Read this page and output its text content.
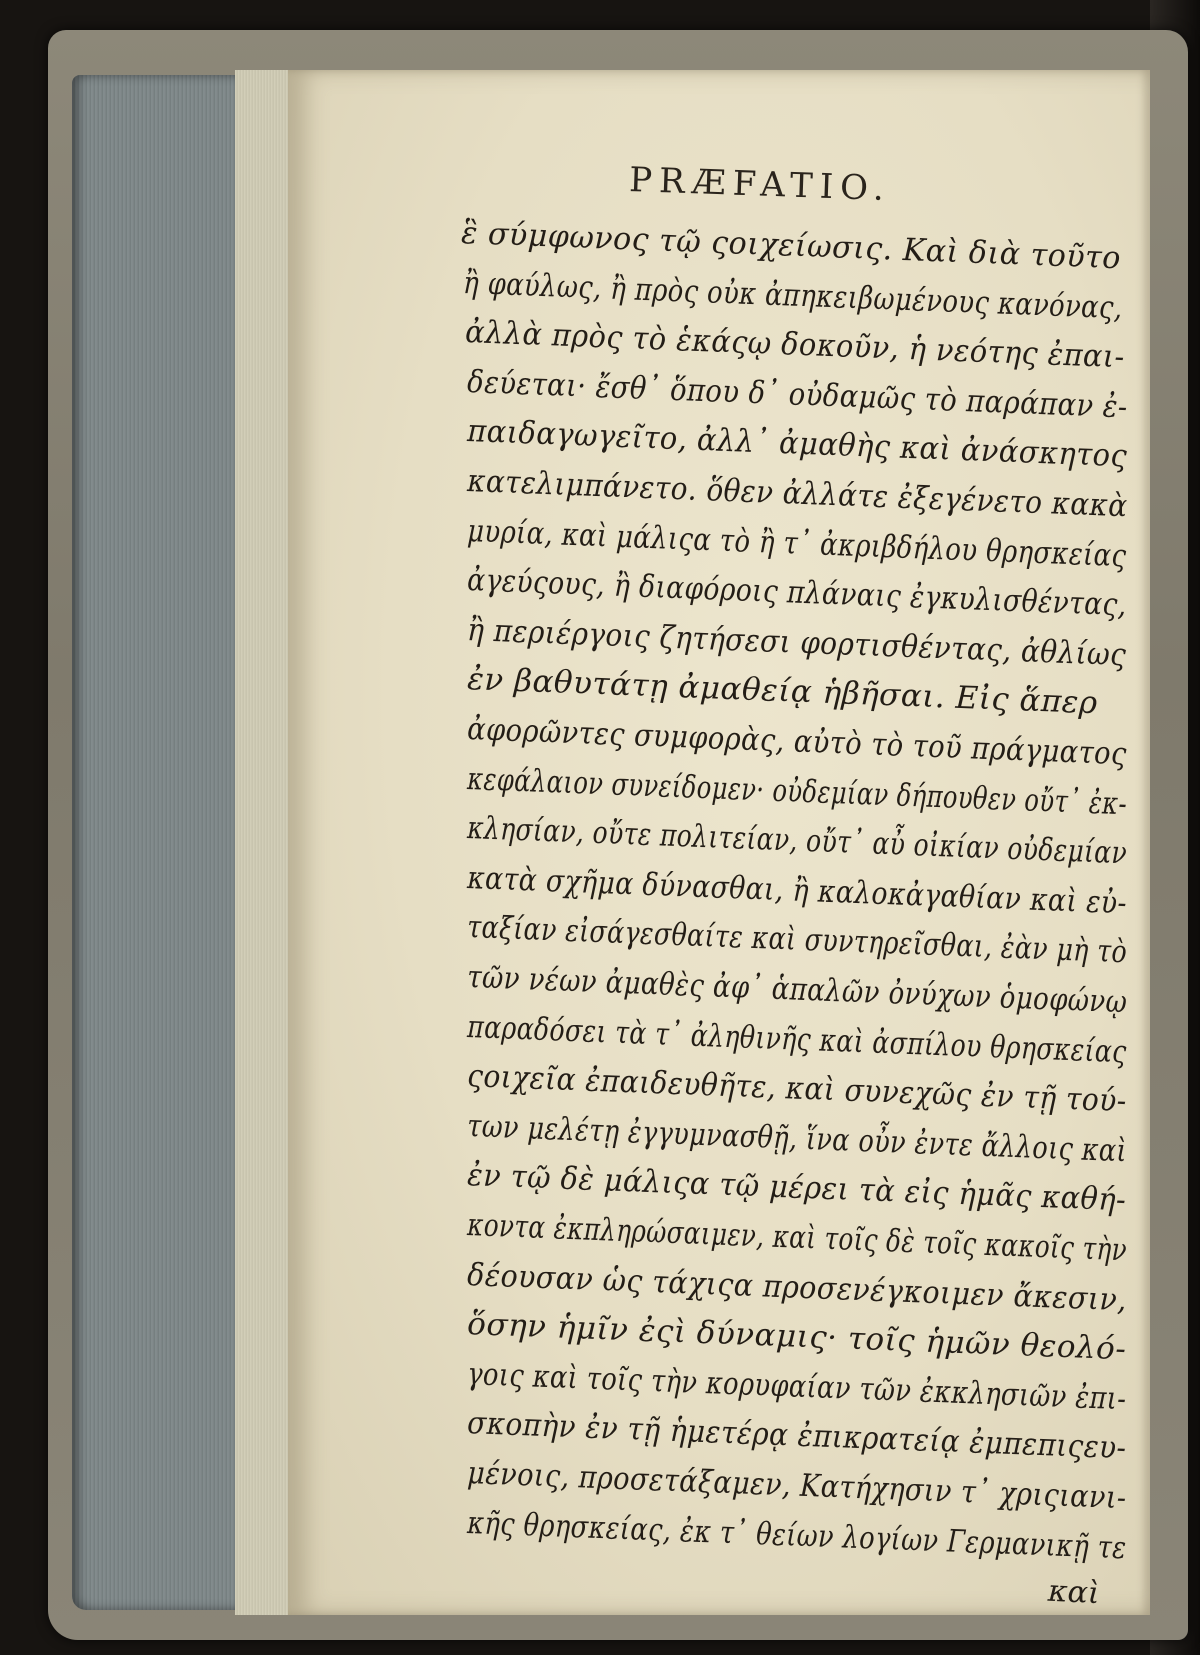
PRÆFATIO.
ἓ σύμφωνος τῷ ςοιχείωσις. Καὶ διὰ τοῦτο
ἢ φαύλως, ἢ πρὸς οὐκ ἀπηκειβωμένους κανόνας,
ἀλλὰ πρὸς τὸ ἑκάςῳ δοκοῦν, ἡ νεότης ἐπαι-
δεύεται· ἔσθ᾽ ὅπου δ᾽ οὐδαμῶς τὸ παράπαν ἐ-
παιδαγωγεῖτο, ἀλλ᾽ ἀμαθὴς καὶ ἀνάσκητος
κατελιμπάνετο. ὅθεν ἀλλάτε ἐξεγένετο κακὰ
μυρία, καὶ μάλιςα τὸ ἢ τ᾽ ἀκριβδήλου θρησκείας
ἀγεύςους, ἢ διαφόροις πλάναις ἐγκυλισθέντας,
ἢ περιέργοις ζητήσεσι φορτισθέντας, ἀθλίως
ἐν βαθυτάτῃ ἀμαθείᾳ ἡβῆσαι. Εἰς ἅπερ
ἀφορῶντες συμφορὰς, αὐτὸ τὸ τοῦ πράγματος
κεφάλαιον συνείδομεν· οὐδεμίαν δήπουθεν οὔτ᾽ ἐκ-
κλησίαν, οὔτε πολιτείαν, οὔτ᾽ αὖ οἰκίαν οὐδεμίαν
κατὰ σχῆμα δύνασθαι, ἢ καλοκἀγαθίαν καὶ εὐ-
ταξίαν εἰσάγεσθαίτε καὶ συντηρεῖσθαι, ἐὰν μὴ τὸ
τῶν νέων ἀμαθὲς ἀφ᾽ ἁπαλῶν ὀνύχων ὁμοφώνῳ
παραδόσει τὰ τ᾽ ἀληθινῆς καὶ ἀσπίλου θρησκείας
ςοιχεῖα ἐπαιδευθῆτε, καὶ συνεχῶς ἐν τῇ τού-
των μελέτῃ ἐγγυμνασθῇ, ἵνα οὖν ἐντε ἄλλοις καὶ
ἐν τῷ δὲ μάλιςα τῷ μέρει τὰ εἰς ἡμᾶς καθή-
κοντα ἐκπληρώσαιμεν, καὶ τοῖς δὲ τοῖς κακοῖς τὴν
δέουσαν ὡς τάχιςα προσενέγκοιμεν ἄκεσιν,
ὅσην ἡμῖν ἐςὶ δύναμις· τοῖς ἡμῶν θεολό-
γοις καὶ τοῖς τὴν κορυφαίαν τῶν ἐκκλησιῶν ἐπι-
σκοπὴν ἐν τῇ ἡμετέρᾳ ἐπικρατείᾳ ἐμπεπιςευ-
μένοις, προσετάξαμεν, Κατήχησιν τ᾽ χριςιανι-
κῆς θρησκείας, ἐκ τ᾽ θείων λογίων Γερμανικῇ τε
καὶ
